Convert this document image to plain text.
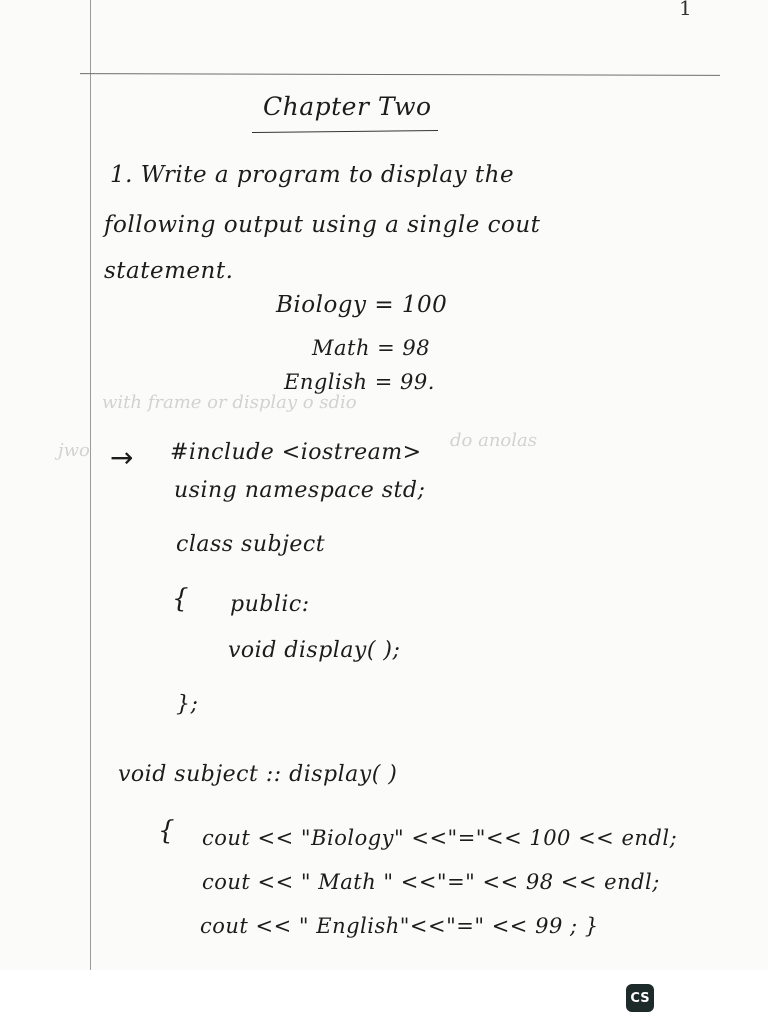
1
Chapter Two
1. Write a program to display the
following output using a single cout
statement.
Biology = 100
Math = 98
English = 99.
with frame or display o sdio
jwo	do anolas
→ #include <iostream>
using namespace std;
class subject
{ public:
void display( );
};
void subject :: display( )
{ cout << "Biology" <<"="<< 100 << endl;
cout << " Math " <<"=" << 98 << endl;
cout << " English"<<"=" << 99 ; }
CS
